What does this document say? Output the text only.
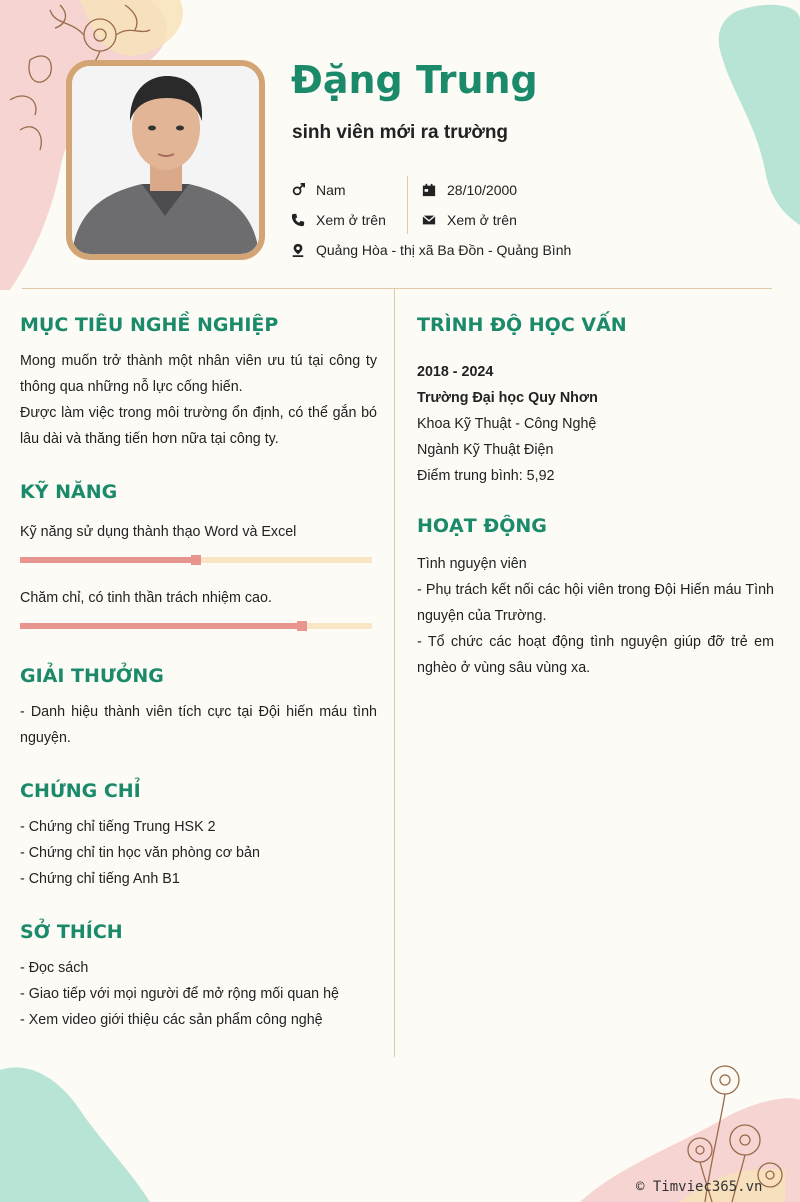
Đặng Trung
sinh viên mới ra trường
Nam
Xem ở trên
Quảng Hòa - thị xã Ba Đồn - Quảng Bình
28/10/2000
Xem ở trên
MỤC TIÊU NGHỀ NGHIỆP

Mong muốn trở thành một nhân viên ưu tú tại công ty thông qua những nỗ lực cống hiến.

Được làm việc trong môi trường ổn định, có thể gắn bó lâu dài và thăng tiến hơn nữa tại công ty.

KỸ NĂNG
Kỹ năng sử dụng thành thạo Word và Excel
Chăm chỉ, có tinh thần trách nhiệm cao.
GIẢI THƯỞNG
- Danh hiệu thành viên tích cực tại Đội hiến máu tình nguyện.
CHỨNG CHỈ

- Chứng chỉ tiếng Trung HSK 2

- Chứng chỉ tin học văn phòng cơ bản

- Chứng chỉ tiếng Anh B1

SỞ THÍCH

- Đọc sách

- Giao tiếp với mọi người để mở rộng mối quan hệ

- Xem video giới thiệu các sản phẩm công nghệ

TRÌNH ĐỘ HỌC VẤN

2018 - 2024

Trường Đại học Quy Nhơn

Khoa Kỹ Thuật - Công Nghệ

Ngành Kỹ Thuật Điện

Điểm trung bình: 5,92

HOẠT ĐỘNG

Tình nguyện viên

- Phụ trách kết nối các hội viên trong Đội Hiến máu Tình nguyện của Trường.

- Tổ chức các hoạt động tình nguyện giúp đỡ trẻ em nghèo ở vùng sâu vùng xa.

© Timviec365.vn
